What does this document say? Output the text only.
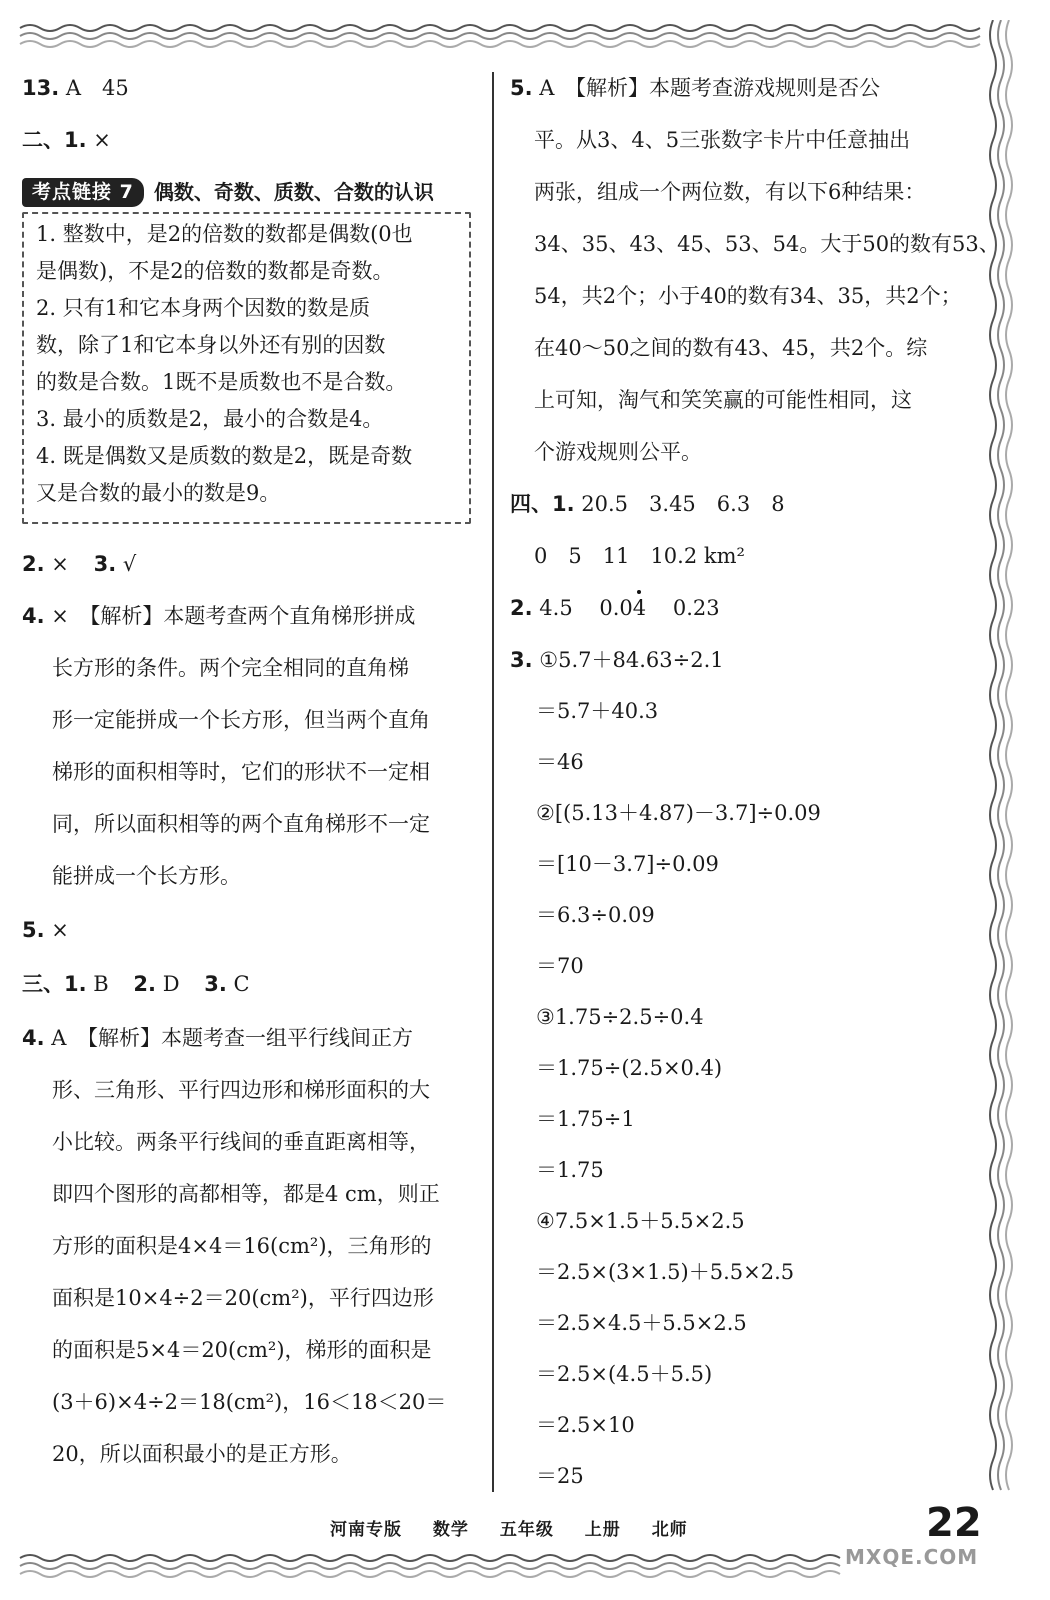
13. A　45
二、1. ×
考点链接 7	偶数、奇数、质数、合数的认识
1. 整数中，是2的倍数的数都是偶数(0也
是偶数)，不是2的倍数的数都是奇数。
2. 只有1和它本身两个因数的数是质
数，除了1和它本身以外还有别的因数
的数是合数。1既不是质数也不是合数。
3. 最小的质数是2，最小的合数是4。
4. 既是偶数又是质数的数是2，既是奇数
又是合数的最小的数是9。
2. × 3. √
4. ×　【解析】本题考查两个直角梯形拼成
长方形的条件。两个完全相同的直角梯
形一定能拼成一个长方形，但当两个直角
梯形的面积相等时，它们的形状不一定相
同，所以面积相等的两个直角梯形不一定
能拼成一个长方形。
5. ×
三、1. B 2. D 3. C
4. A　【解析】本题考查一组平行线间正方
形、三角形、平行四边形和梯形面积的大
小比较。两条平行线间的垂直距离相等，
即四个图形的高都相等，都是4 cm，则正
方形的面积是4×4＝16(cm²)，三角形的
面积是10×4÷2＝20(cm²)，平行四边形
的面积是5×4＝20(cm²)，梯形的面积是
(3＋6)×4÷2＝18(cm²)，16＜18＜20＝
20，所以面积最小的是正方形。
5. A　【解析】本题考查游戏规则是否公
平。从3、4、5三张数字卡片中任意抽出
两张，组成一个两位数，有以下6种结果：
34、35、43、45、53、54。大于50的数有53、
54，共2个；小于40的数有34、35，共2个；
在40～50之间的数有43、45，共2个。综
上可知，淘气和笑笑赢的可能性相同，这
个游戏规则公平。
四、1. 20.5　3.45　6.3　8
0　5　11　10.2 km²
2. 4.5 0.04 0.23
3. ①5.7＋84.63÷2.1
＝5.7＋40.3
＝46
②[(5.13＋4.87)－3.7]÷0.09
＝[10－3.7]÷0.09
＝6.3÷0.09
＝70
③1.75÷2.5÷0.4
＝1.75÷(2.5×0.4)
＝1.75÷1
＝1.75
④7.5×1.5＋5.5×2.5
＝2.5×(3×1.5)＋5.5×2.5
＝2.5×4.5＋5.5×2.5
＝2.5×(4.5＋5.5)
＝2.5×10
＝25
河南专版 数学 五年级 上册 北师	22
MXQE.COM
